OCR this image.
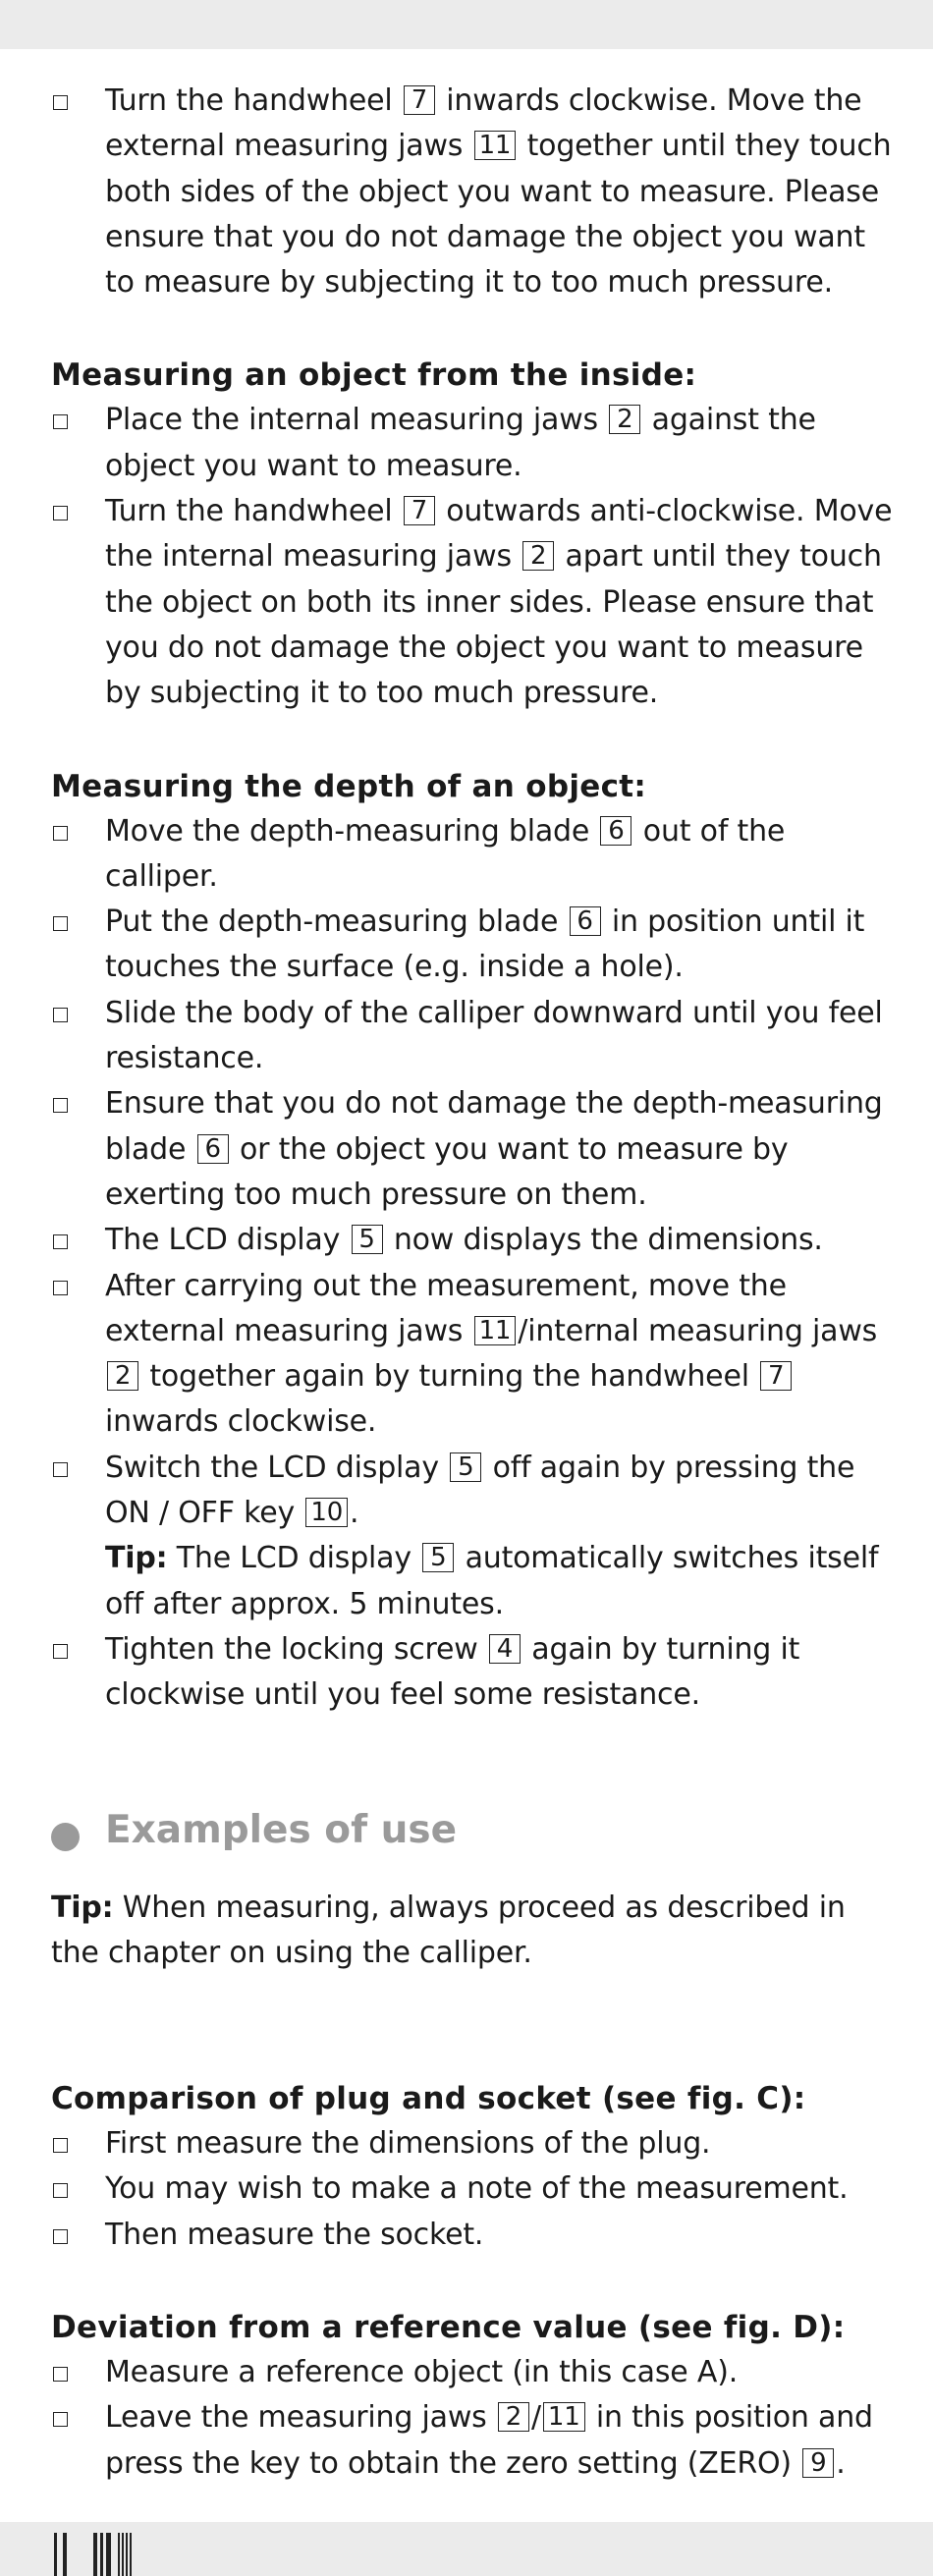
Turn the handwheel 7 inwards clockwise. Move the external measuring jaws 11 together until they touch both sides of the object you want to measure. Please ensure that you do not damage the object you want to measure by subjecting it to too much pressure.
Measuring an object from the inside:
Place the internal measuring jaws 2 against the object you want to measure.
Turn the handwheel 7 outwards anti-clockwise. Move the internal measuring jaws 2 apart until they touch the object on both its inner sides. Please ensure that you do not damage the object you want to measure by subjecting it to too much pressure.
Measuring the depth of an object:
Move the depth-measuring blade 6 out of the calliper.
Put the depth-measuring blade 6 in position until it touches the surface (e.g. inside a hole).
Slide the body of the calliper downward until you feel resistance.
Ensure that you do not damage the depth-measuring blade 6 or the object you want to measure by exerting too much pressure on them.
The LCD display 5 now displays the dimensions.
After carrying out the measurement, move the external measuring jaws 11 /internal measuring jaws 2 together again by turning the handwheel 7 inwards clockwise.
Switch the LCD display 5 off again by pressing the ON / OFF key 10 .
Tip: The LCD display 5 automatically switches itself off after approx. 5 minutes.
Tighten the locking screw 4 again by turning it clockwise until you feel some resistance.
Examples of use

Tip: When measuring, always proceed as described in the chapter on using the calliper.

Comparison of plug and socket (see fig. C):
First measure the dimensions of the plug.
You may wish to make a note of the measurement.
Then measure the socket.
Deviation from a reference value (see fig. D):
Measure a reference object (in this case A).
Leave the measuring jaws 2 / 11 in this position and press the key to obtain the zero setting (ZERO) 9 .
